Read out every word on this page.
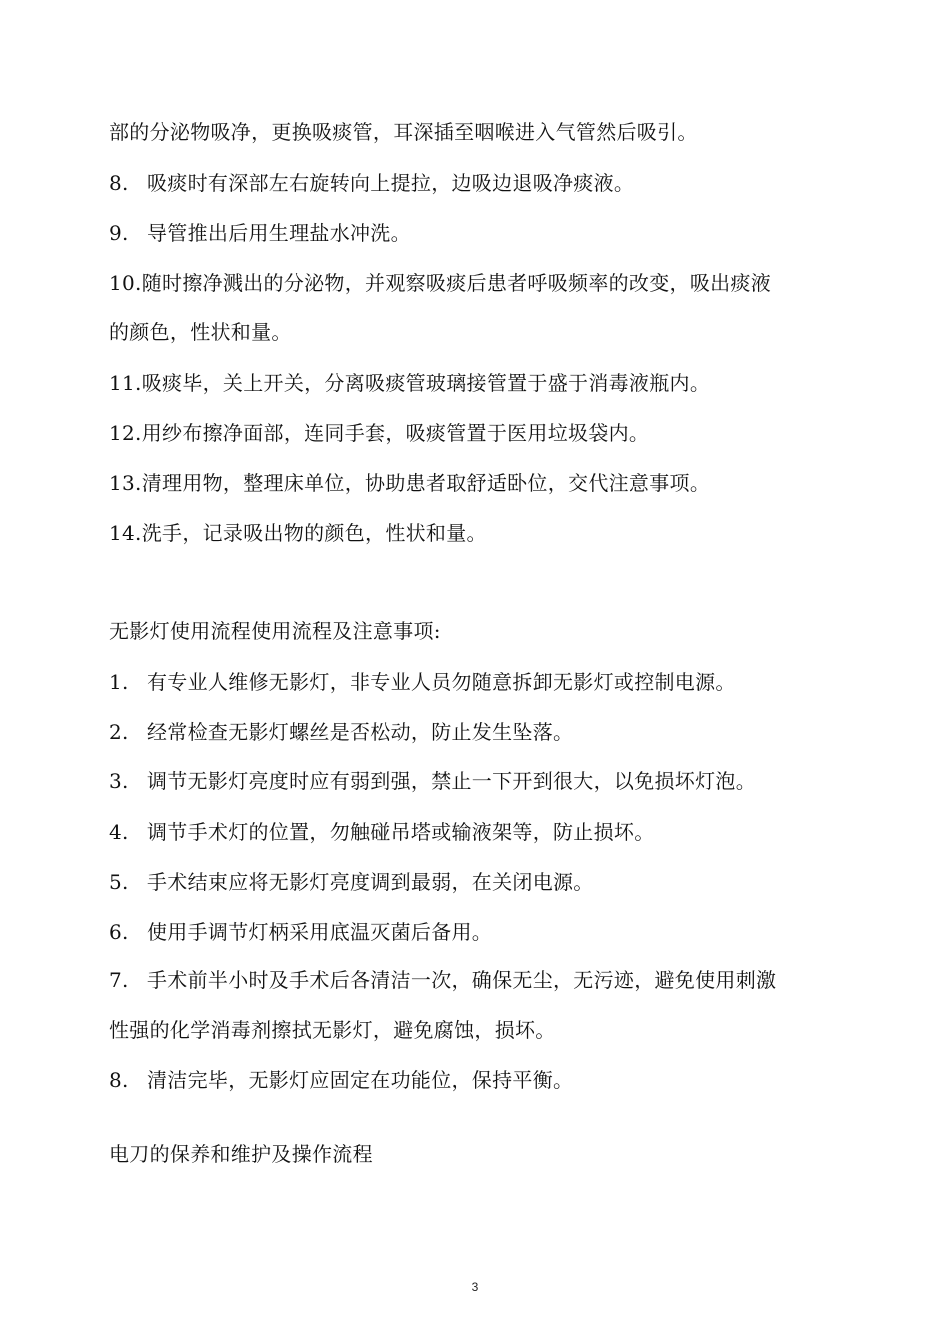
部的分泌物吸净，更换吸痰管，耳深插至咽喉进入气管然后吸引。
8. 吸痰时有深部左右旋转向上提拉，边吸边退吸净痰液。
9. 导管推出后用生理盐水冲洗。
10.随时擦净溅出的分泌物，并观察吸痰后患者呼吸频率的改变，吸出痰液
的颜色，性状和量。
11.吸痰毕，关上开关，分离吸痰管玻璃接管置于盛于消毒液瓶内。
12.用纱布擦净面部，连同手套，吸痰管置于医用垃圾袋内。
13.清理用物，整理床单位，协助患者取舒适卧位，交代注意事项。
14.洗手，记录吸出物的颜色，性状和量。
无影灯使用流程使用流程及注意事项:
1. 有专业人维修无影灯，非专业人员勿随意拆卸无影灯或控制电源。
2. 经常检查无影灯螺丝是否松动，防止发生坠落。
3. 调节无影灯亮度时应有弱到强，禁止一下开到很大，以免损坏灯泡。
4. 调节手术灯的位置，勿触碰吊塔或输液架等，防止损坏。
5. 手术结束应将无影灯亮度调到最弱，在关闭电源。
6. 使用手调节灯柄采用底温灭菌后备用。
7. 手术前半小时及手术后各清洁一次，确保无尘，无污迹，避免使用刺激
性强的化学消毒剂擦拭无影灯，避免腐蚀，损坏。
8. 清洁完毕，无影灯应固定在功能位，保持平衡。
电刀的保养和维护及操作流程
3
